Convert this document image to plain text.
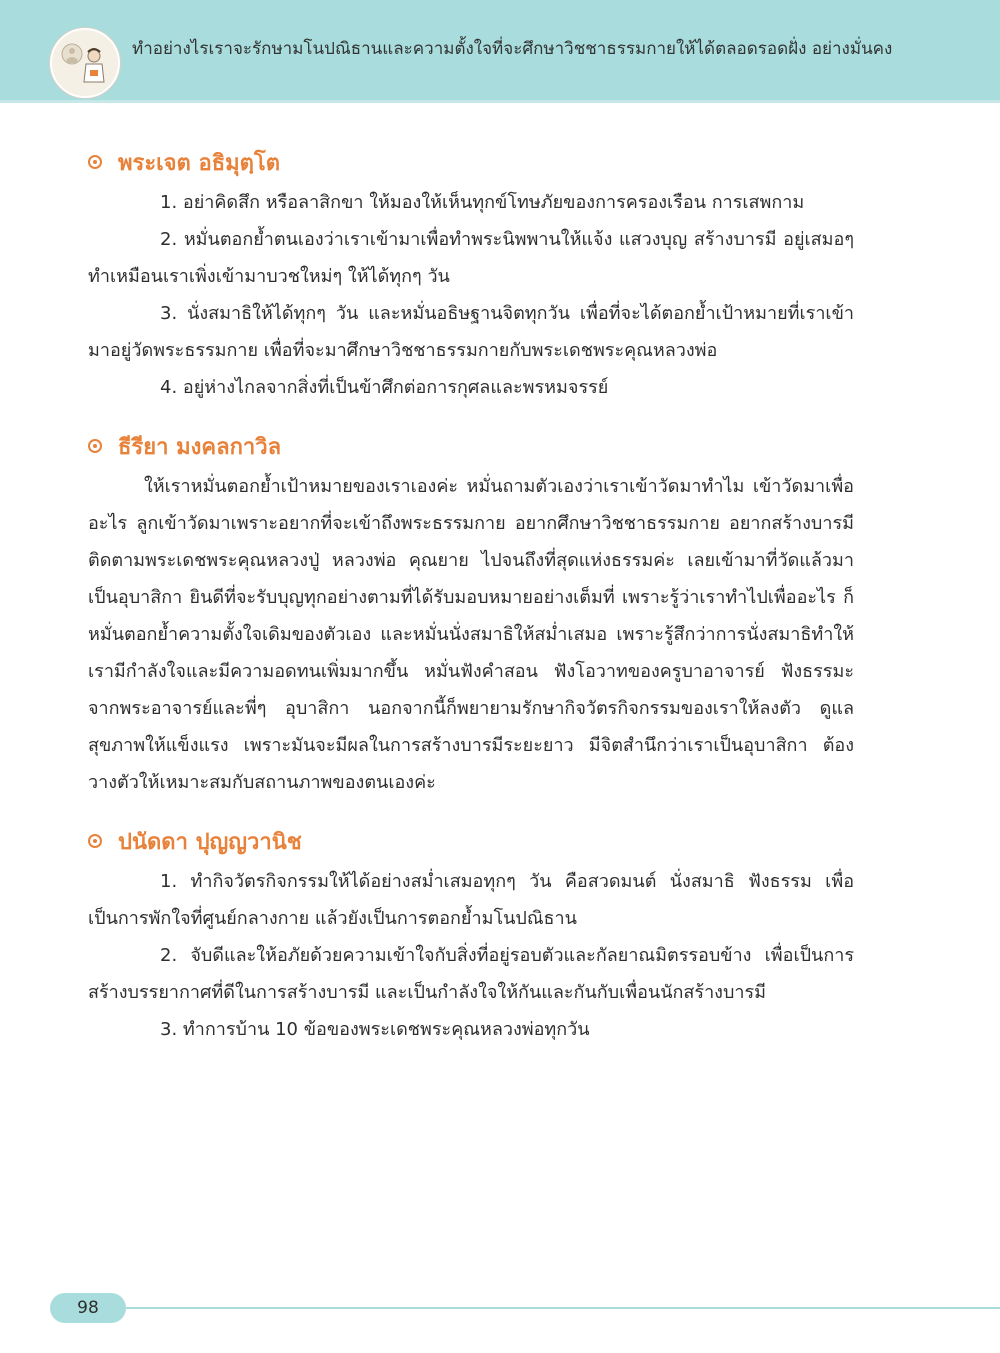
ทำอย่างไรเราจะรักษามโนปณิธานและความตั้งใจที่จะศึกษาวิชชาธรรมกายให้ได้ตลอดรอดฝั่ง อย่างมั่นคง
พระเจต อธิมุตฺโต

1. อย่าคิดสึก หรือลาสิกขา ให้มองให้เห็นทุกข์โทษภัยของการครองเรือน การเสพกาม

2. หมั่นตอกย้ำตนเองว่าเราเข้ามาเพื่อทำพระนิพพานให้แจ้ง แสวงบุญ สร้างบารมี อยู่เสมอๆ ทำเหมือนเราเพิ่งเข้ามาบวชใหม่ๆ ให้ได้ทุกๆ วัน

3. นั่งสมาธิให้ได้ทุกๆ วัน และหมั่นอธิษฐานจิตทุกวัน เพื่อที่จะได้ตอกย้ำเป้าหมายที่เราเข้ามาอยู่วัดพระธรรมกาย เพื่อที่จะมาศึกษาวิชชาธรรมกายกับพระเดชพระคุณหลวงพ่อ

4. อยู่ห่างไกลจากสิ่งที่เป็นข้าศึกต่อการกุศลและพรหมจรรย์

ธีรียา มงคลกาวิล

ให้เราหมั่นตอกย้ำเป้าหมายของเราเองค่ะ หมั่นถามตัวเองว่าเราเข้าวัดมาทำไม เข้าวัดมาเพื่ออะไร ลูกเข้าวัดมาเพราะอยากที่จะเข้าถึงพระธรรมกาย อยากศึกษาวิชชาธรรมกาย อยากสร้างบารมีติดตามพระเดชพระคุณหลวงปู่ หลวงพ่อ คุณยาย ไปจนถึงที่สุดแห่งธรรมค่ะ เลยเข้ามาที่วัดแล้วมาเป็นอุบาสิกา ยินดีที่จะรับบุญทุกอย่างตามที่ได้รับมอบหมายอย่างเต็มที่ เพราะรู้ว่าเราทำไปเพื่ออะไร ก็หมั่นตอกย้ำความตั้งใจเดิมของตัวเอง และหมั่นนั่งสมาธิให้สม่ำเสมอ เพราะรู้สึกว่าการนั่งสมาธิทำให้เรามีกำลังใจและมีความอดทนเพิ่มมากขึ้น หมั่นฟังคำสอน ฟังโอวาทของครูบาอาจารย์ ฟังธรรมะจากพระอาจารย์และพี่ๆ อุบาสิกา นอกจากนี้ก็พยายามรักษากิจวัตรกิจกรรมของเราให้ลงตัว ดูแลสุขภาพให้แข็งแรง เพราะมันจะมีผลในการสร้างบารมีระยะยาว มีจิตสำนึกว่าเราเป็นอุบาสิกา ต้องวางตัวให้เหมาะสมกับสถานภาพของตนเองค่ะ

ปนัดดา ปุญญวานิช

1. ทำกิจวัตรกิจกรรมให้ได้อย่างสม่ำเสมอทุกๆ วัน คือสวดมนต์ นั่งสมาธิ ฟังธรรม เพื่อเป็นการพักใจที่ศูนย์กลางกาย แล้วยังเป็นการตอกย้ำมโนปณิธาน

2. จับดีและให้อภัยด้วยความเข้าใจกับสิ่งที่อยู่รอบตัวและกัลยาณมิตรรอบข้าง เพื่อเป็นการสร้างบรรยากาศที่ดีในการสร้างบารมี และเป็นกำลังใจให้กันและกันกับเพื่อนนักสร้างบารมี

3. ทำการบ้าน 10 ข้อของพระเดชพระคุณหลวงพ่อทุกวัน

98
